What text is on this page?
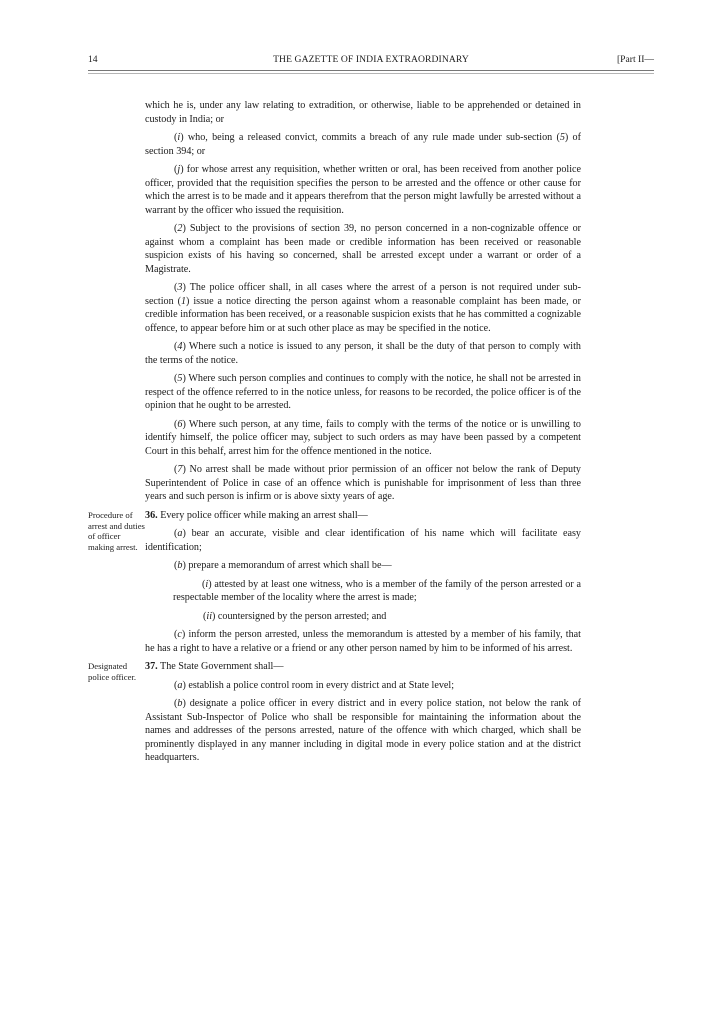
14	THE GAZETTE OF INDIA EXTRAORDINARY	[Part II—

which he is, under any law relating to extradition, or otherwise, liable to be apprehended or detained in custody in India; or

(i) who, being a released convict, commits a breach of any rule made under sub-section (5) of section 394; or

(j) for whose arrest any requisition, whether written or oral, has been received from another police officer, provided that the requisition specifies the person to be arrested and the offence or other cause for which the arrest is to be made and it appears therefrom that the person might lawfully be arrested without a warrant by the officer who issued the requisition.

(2) Subject to the provisions of section 39, no person concerned in a non-cognizable offence or against whom a complaint has been made or credible information has been received or reasonable suspicion exists of his having so concerned, shall be arrested except under a warrant or order of a Magistrate.

(3) The police officer shall, in all cases where the arrest of a person is not required under sub-section (1) issue a notice directing the person against whom a reasonable complaint has been made, or credible information has been received, or a reasonable suspicion exists that he has committed a cognizable offence, to appear before him or at such other place as may be specified in the notice.

(4) Where such a notice is issued to any person, it shall be the duty of that person to comply with the terms of the notice.

(5) Where such person complies and continues to comply with the notice, he shall not be arrested in respect of the offence referred to in the notice unless, for reasons to be recorded, the police officer is of the opinion that he ought to be arrested.

(6) Where such person, at any time, fails to comply with the terms of the notice or is unwilling to identify himself, the police officer may, subject to such orders as may have been passed by a competent Court in this behalf, arrest him for the offence mentioned in the notice.

(7) No arrest shall be made without prior permission of an officer not below the rank of Deputy Superintendent of Police in case of an offence which is punishable for imprisonment of less than three years and such person is infirm or is above sixty years of age.

36. Every police officer while making an arrest shall—

(a) bear an accurate, visible and clear identification of his name which will facilitate easy identification;

(b) prepare a memorandum of arrest which shall be—

(i) attested by at least one witness, who is a member of the family of the person arrested or a respectable member of the locality where the arrest is made;

(ii) countersigned by the person arrested; and

(c) inform the person arrested, unless the memorandum is attested by a member of his family, that he has a right to have a relative or a friend or any other person named by him to be informed of his arrest.

37. The State Government shall—

(a) establish a police control room in every district and at State level;

(b) designate a police officer in every district and in every police station, not below the rank of Assistant Sub-Inspector of Police who shall be responsible for maintaining the information about the names and addresses of the persons arrested, nature of the offence with which charged, which shall be prominently displayed in any manner including in digital mode in every police station and at the district headquarters.

Procedure of arrest and duties of officer making arrest.
Designated police officer.
